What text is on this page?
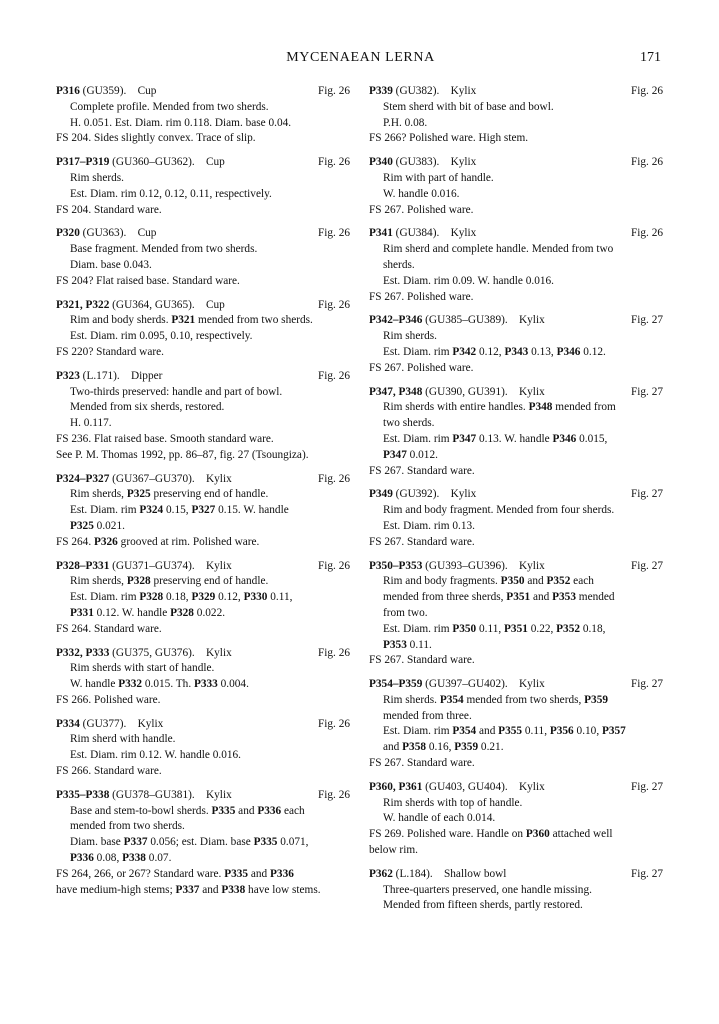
MYCENAEAN LERNA	171
P316 (GU359). Cup	Fig. 26
Complete profile. Mended from two sherds.
H. 0.051. Est. Diam. rim 0.118. Diam. base 0.04.
FS 204. Sides slightly convex. Trace of slip.
P317–P319 (GU360–GU362). Cup	Fig. 26
Rim sherds.
Est. Diam. rim 0.12, 0.12, 0.11, respectively.
FS 204. Standard ware.
P320 (GU363). Cup	Fig. 26
Base fragment. Mended from two sherds.
Diam. base 0.043.
FS 204? Flat raised base. Standard ware.
P321, P322 (GU364, GU365). Cup	Fig. 26
Rim and body sherds. P321 mended from two sherds.
Est. Diam. rim 0.095, 0.10, respectively.
FS 220? Standard ware.
P323 (L.171). Dipper	Fig. 26
Two-thirds preserved: handle and part of bowl.
Mended from six sherds, restored.
H. 0.117.
FS 236. Flat raised base. Smooth standard ware.
See P. M. Thomas 1992, pp. 86–87, fig. 27 (Tsoungiza).
P324–P327 (GU367–GU370). Kylix	Fig. 26
Rim sherds, P325 preserving end of handle.
Est. Diam. rim P324 0.15, P327 0.15. W. handle
P325 0.021.
FS 264. P326 grooved at rim. Polished ware.
P328–P331 (GU371–GU374). Kylix	Fig. 26
Rim sherds, P328 preserving end of handle.
Est. Diam. rim P328 0.18, P329 0.12, P330 0.11,
P331 0.12. W. handle P328 0.022.
FS 264. Standard ware.
P332, P333 (GU375, GU376). Kylix	Fig. 26
Rim sherds with start of handle.
W. handle P332 0.015. Th. P333 0.004.
FS 266. Polished ware.
P334 (GU377). Kylix	Fig. 26
Rim sherd with handle.
Est. Diam. rim 0.12. W. handle 0.016.
FS 266. Standard ware.
P335–P338 (GU378–GU381). Kylix	Fig. 26
Base and stem-to-bowl sherds. P335 and P336 each
mended from two sherds.
Diam. base P337 0.056; est. Diam. base P335 0.071,
P336 0.08, P338 0.07.
FS 264, 266, or 267? Standard ware. P335 and P336
have medium-high stems; P337 and P338 have low stems.
P339 (GU382). Kylix	Fig. 26
Stem sherd with bit of base and bowl.
P.H. 0.08.
FS 266? Polished ware. High stem.
P340 (GU383). Kylix	Fig. 26
Rim with part of handle.
W. handle 0.016.
FS 267. Polished ware.
P341 (GU384). Kylix	Fig. 26
Rim sherd and complete handle. Mended from two
sherds.
Est. Diam. rim 0.09. W. handle 0.016.
FS 267. Polished ware.
P342–P346 (GU385–GU389). Kylix	Fig. 27
Rim sherds.
Est. Diam. rim P342 0.12, P343 0.13, P346 0.12.
FS 267. Polished ware.
P347, P348 (GU390, GU391). Kylix	Fig. 27
Rim sherds with entire handles. P348 mended from
two sherds.
Est. Diam. rim P347 0.13. W. handle P346 0.015,
P347 0.012.
FS 267. Standard ware.
P349 (GU392). Kylix	Fig. 27
Rim and body fragment. Mended from four sherds.
Est. Diam. rim 0.13.
FS 267. Standard ware.
P350–P353 (GU393–GU396). Kylix	Fig. 27
Rim and body fragments. P350 and P352 each
mended from three sherds, P351 and P353 mended
from two.
Est. Diam. rim P350 0.11, P351 0.22, P352 0.18,
P353 0.11.
FS 267. Standard ware.
P354–P359 (GU397–GU402). Kylix	Fig. 27
Rim sherds. P354 mended from two sherds, P359
mended from three.
Est. Diam. rim P354 and P355 0.11, P356 0.10, P357
and P358 0.16, P359 0.21.
FS 267. Standard ware.
P360, P361 (GU403, GU404). Kylix	Fig. 27
Rim sherds with top of handle.
W. handle of each 0.014.
FS 269. Polished ware. Handle on P360 attached well
below rim.
P362 (L.184). Shallow bowl	Fig. 27
Three-quarters preserved, one handle missing.
Mended from fifteen sherds, partly restored.
